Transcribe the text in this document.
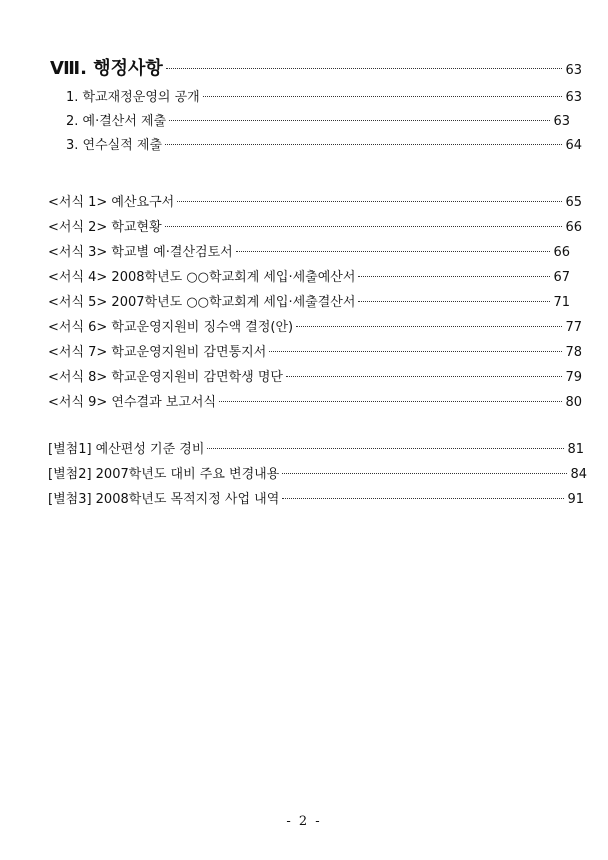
Ⅷ. 행정사항	63
1. 학교재정운영의 공개	63
2. 예·결산서 제출	63
3. 연수실적 제출	64
<서식 1> 예산요구서	65
<서식 2> 학교현황	66
<서식 3> 학교별 예·결산검토서	66
<서식 4> 2008학년도 ○○학교회계 세입·세출예산서	67
<서식 5> 2007학년도 ○○학교회계 세입·세출결산서	71
<서식 6> 학교운영지원비 징수액 결정(안)	77
<서식 7> 학교운영지원비 감면통지서	78
<서식 8> 학교운영지원비 감면학생 명단	79
<서식 9> 연수결과 보고서식	80
[별첨1] 예산편성 기준 경비	81
[별첨2] 2007학년도 대비 주요 변경내용	84
[별첨3] 2008학년도 목적지정 사업 내역	91
- 2 -
